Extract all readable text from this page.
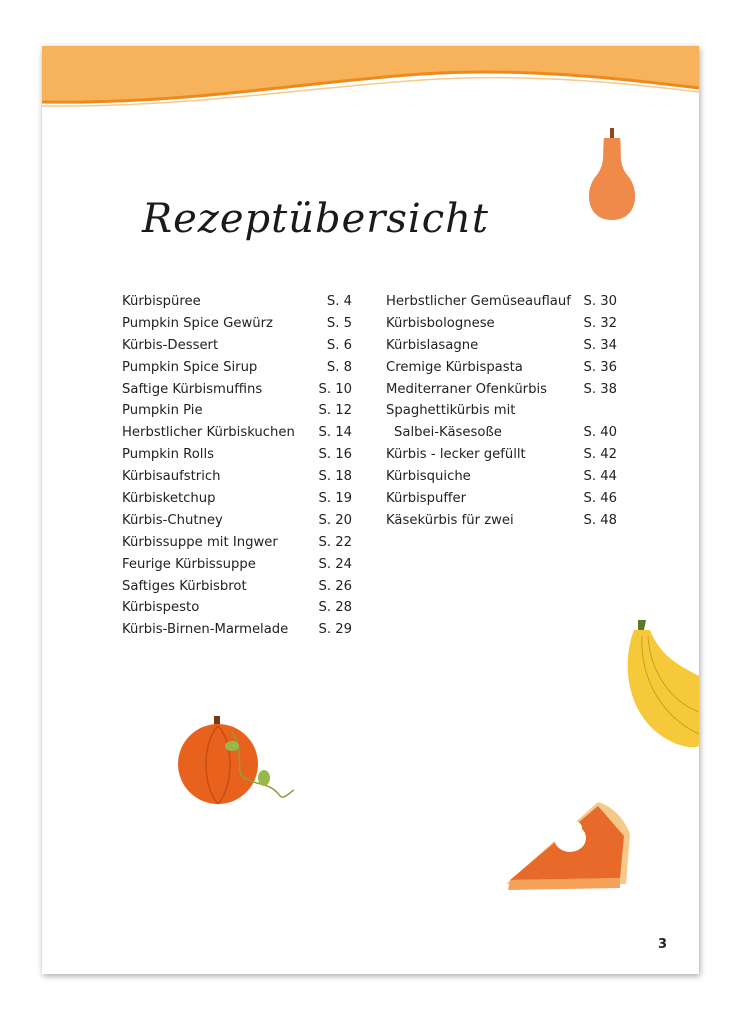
Rezeptübersicht
Kürbispüree	S. 4
Pumpkin Spice Gewürz	S. 5
Kürbis-Dessert	S. 6
Pumpkin Spice Sirup	S. 8
Saftige Kürbismuffins	S. 10
Pumpkin Pie	S. 12
Herbstlicher Kürbiskuchen S. 14
Pumpkin Rolls	S. 16
Kürbisaufstrich	S. 18
Kürbisketchup	S. 19
Kürbis-Chutney	S. 20
Kürbissuppe mit Ingwer	S. 22
Feurige Kürbissuppe	S. 24
Saftiges Kürbisbrot	S. 26
Kürbispesto	S. 28
Kürbis-Birnen-Marmelade S. 29
Herbstlicher Gemüseauflauf S. 30
Kürbisbolognese	S. 32
Kürbislasagne	S. 34
Cremige Kürbispasta	S. 36
Mediterraner Ofenkürbis	S. 38
Spaghettikürbis mit
Salbei-Käsesoße	S. 40
Kürbis - lecker gefüllt	S. 42
Kürbisquiche	S. 44
Kürbispuffer	S. 46
Käsekürbis für zwei	S. 48
3
